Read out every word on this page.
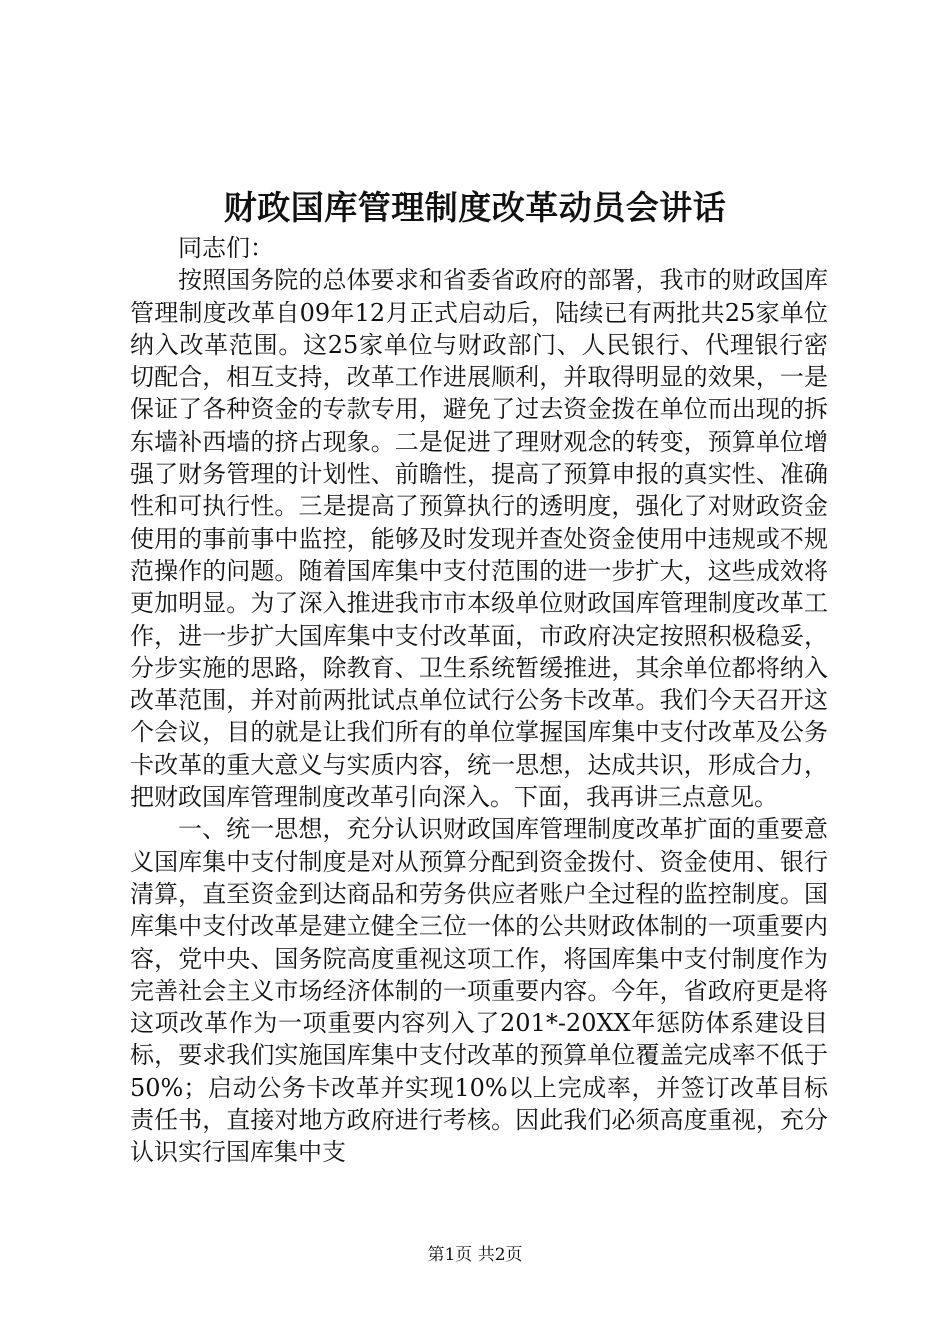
财政国库管理制度改革动员会讲话

同志们：

按照国务院的总体要求和省委省政府的部署，我市的财政国库管理制度改革自09年12月正式启动后，陆续已有两批共25家单位纳入改革范围。这25家单位与财政部门、人民银行、代理银行密切配合，相互支持，改革工作进展顺利，并取得明显的效果，一是保证了各种资金的专款专用，避免了过去资金拨在单位而出现的拆东墙补西墙的挤占现象。二是促进了理财观念的转变，预算单位增强了财务管理的计划性、前瞻性，提高了预算申报的真实性、准确性和可执行性。三是提高了预算执行的透明度，强化了对财政资金使用的事前事中监控，能够及时发现并查处资金使用中违规或不规范操作的问题。随着国库集中支付范围的进一步扩大，这些成效将更加明显。为了深入推进我市市本级单位财政国库管理制度改革工作，进一步扩大国库集中支付改革面，市政府决定按照积极稳妥，分步实施的思路，除教育、卫生系统暂缓推进，其余单位都将纳入改革范围，并对前两批试点单位试行公务卡改革。我们今天召开这个会议，目的就是让我们所有的单位掌握国库集中支付改革及公务卡改革的重大意义与实质内容，统一思想，达成共识，形成合力，把财政国库管理制度改革引向深入。下面，我再讲三点意见。

一、统一思想，充分认识财政国库管理制度改革扩面的重要意义国库集中支付制度是对从预算分配到资金拨付、资金使用、银行清算，直至资金到达商品和劳务供应者账户全过程的监控制度。国库集中支付改革是建立健全三位一体的公共财政体制的一项重要内容，党中央、国务院高度重视这项工作，将国库集中支付制度作为完善社会主义市场经济体制的一项重要内容。今年，省政府更是将这项改革作为一项重要内容列入了201*-20XX年惩防体系建设目标，要求我们实施国库集中支付改革的预算单位覆盖完成率不低于50%；启动公务卡改革并实现10%以上完成率，并签订改革目标责任书，直接对地方政府进行考核。因此我们必须高度重视，充分认识实行国库集中支

第1页 共2页
